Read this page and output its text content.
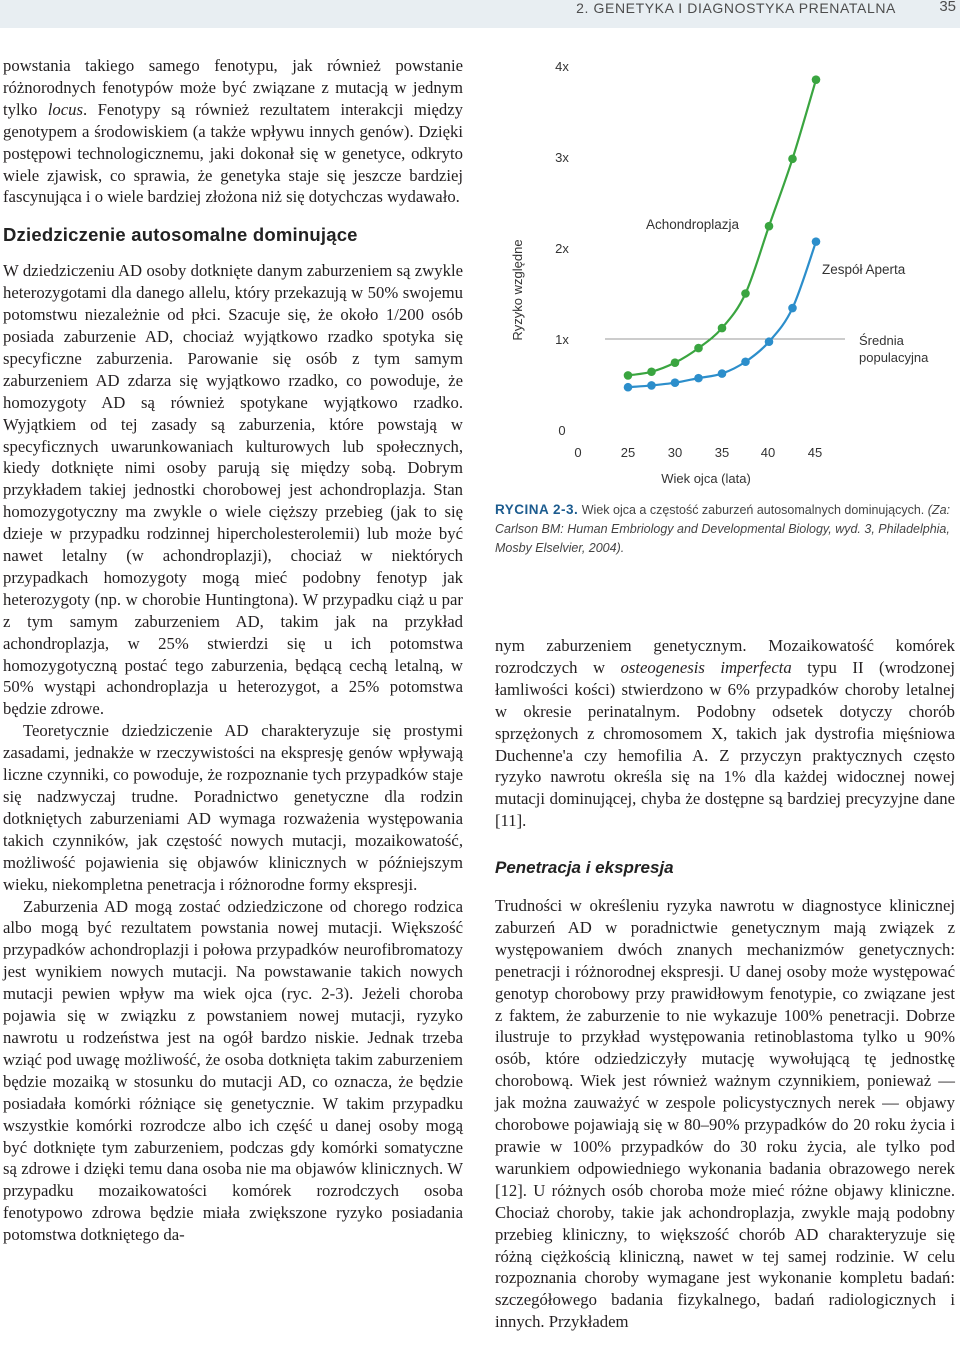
2. GENETYKA I DIAGNOSTYKA PRENATALNA	35

powstania takiego samego fenotypu, jak również powstanie różnorodnych fenotypów może być związane z mutacją w jednym tylko locus. Fenotypy są również rezultatem interakcji między genotypem a środowiskiem (a także wpływu innych genów). Dzięki postępowi technologicznemu, jaki dokonał się w genetyce, odkryto wiele zjawisk, co sprawia, że genetyka staje się jeszcze bardziej fascynująca i o wiele bardziej złożona niż się dotychczas wydawało.

Dziedziczenie autosomalne dominujące

W dziedziczeniu AD osoby dotknięte danym zaburzeniem są zwykle heterozygotami dla danego allelu, który przekazują w 50% swojemu potomstwu niezależnie od płci. Szacuje się, że około 1/200 osób posiada zaburzenie AD, chociaż wyjątkowo rzadko spotyka się specyficzne zaburzenia. Parowanie się osób z tym samym zaburzeniem AD zdarza się wyjątkowo rzadko, co powoduje, że homozygoty AD są również spotykane wyjątkowo rzadko. Wyjątkiem od tej zasady są zaburzenia, które powstają w specyficznych uwarunkowaniach kulturowych lub społecznych, kiedy dotknięte nimi osoby parują się między sobą. Dobrym przykładem takiej jednostki chorobowej jest achondroplazja. Stan homozygotyczny ma zwykle o wiele cięższy przebieg (jak to się dzieje w przypadku rodzinnej hipercholesterolemii) lub może być nawet letalny (w achondroplazji), chociaż w niektórych przypadkach homozygoty mogą mieć podobny fenotyp jak heterozygoty (np. w chorobie Huntingtona). W przypadku ciąż u par z tym samym zaburzeniem AD, takim jak na przykład achondroplazja, w 25% stwierdzi się u ich potomstwa homozygotyczną postać tego zaburzenia, będącą cechą letalną, w 50% wystąpi achondroplazja u heterozygot, a 25% potomstwa będzie zdrowe.

Teoretycznie dziedziczenie AD charakteryzuje się prostymi zasadami, jednakże w rzeczywistości na ekspresję genów wpływają liczne czynniki, co powoduje, że rozpoznanie tych przypadków staje się nadzwyczaj trudne. Poradnictwo genetyczne dla rodzin dotkniętych zaburzeniami AD wymaga rozważenia występowania takich czynników, jak częstość nowych mutacji, mozaikowatość, możliwość pojawienia się objawów klinicznych w późniejszym wieku, niekompletna penetracja i różnorodne formy ekspresji.

Zaburzenia AD mogą zostać odziedziczone od chorego rodzica albo mogą być rezultatem powstania nowej mutacji. Większość przypadków achondroplazji i połowa przypadków neurofibromatozy jest wynikiem nowych mutacji. Na powstawanie takich nowych mutacji pewien wpływ ma wiek ojca (ryc. 2-3). Jeżeli choroba pojawia się w związku z powstaniem nowej mutacji, ryzyko nawrotu u rodzeństwa jest na ogół bardzo niskie. Jednak trzeba wziąć pod uwagę możliwość, że osoba dotknięta takim zaburzeniem będzie mozaiką w stosunku do mutacji AD, co oznacza, że będzie posiadała komórki różniące się genetycznie. W takim przypadku wszystkie komórki rozrodcze albo ich część u danej osoby mogą być dotknięte tym zaburzeniem, podczas gdy komórki somatyczne są zdrowe i dzięki temu dana osoba nie ma objawów klinicznych. W przypadku mozaikowatości komórek rozrodczych osoba fenotypowo zdrowa będzie miała zwiększone ryzyko posiadania potomstwa dotkniętego da-

Ryzyko względne
0
1x
2x
3x
4x
0	25	30	35 40	45
Wiek ojca (lata)
Średnia populacyjna
Achondroplazja
Zespół Aperta
RYCINA 2-3. Wiek ojca a częstość zaburzeń autosomalnych dominujących. (Za: Carlson BM: Human Embriology and Developmental Biology, wyd. 3, Philadelphia, Mosby Elselvier, 2004).

nym zaburzeniem genetycznym. Mozaikowatość komórek rozrodczych w osteogenesis imperfecta typu II (wrodzonej łamliwości kości) stwierdzono w 6% przypadków choroby letalnej w okresie perinatalnym. Podobny odsetek dotyczy chorób sprzężonych z chromosomem X, takich jak dystrofia mięśniowa Duchenne'a czy hemofilia A. Z przyczyn praktycznych często ryzyko nawrotu określa się na 1% dla każdej widocznej nowej mutacji dominującej, chyba że dostępne są bardziej precyzyjne dane [11].

Penetracja i ekspresja

Trudności w określeniu ryzyka nawrotu w diagnostyce klinicznej zaburzeń AD w poradnictwie genetycznym mają związek z występowaniem dwóch znanych mechanizmów genetycznych: penetracji i różnorodnej ekspresji. U danej osoby może występować genotyp chorobowy przy prawidłowym fenotypie, co związane jest z faktem, że zaburzenie to nie wykazuje 100% penetracji. Dobrze ilustruje to przykład występowania retinoblastoma tylko u 90% osób, które odziedziczyły mutację wywołującą tę jednostkę chorobową. Wiek jest również ważnym czynnikiem, ponieważ — jak można zauważyć w zespole policystycznych nerek — objawy chorobowe pojawiają się w 80–90% przypadków do 20 roku życia i prawie w 100% przypadków do 30 roku życia, ale tylko pod warunkiem odpowiedniego wykonania badania obrazowego nerek [12]. U różnych osób choroba może mieć różne objawy kliniczne. Chociaż choroby, takie jak achondroplazja, zwykle mają podobny przebieg kliniczny, to większość chorób AD charakteryzuje się różną ciężkością kliniczną, nawet w tej samej rodzinie. W celu rozpoznania choroby wymagane jest wykonanie kompletu badań: szczegółowego badania fizykalnego, badań radiologicznych i innych. Przykładem
